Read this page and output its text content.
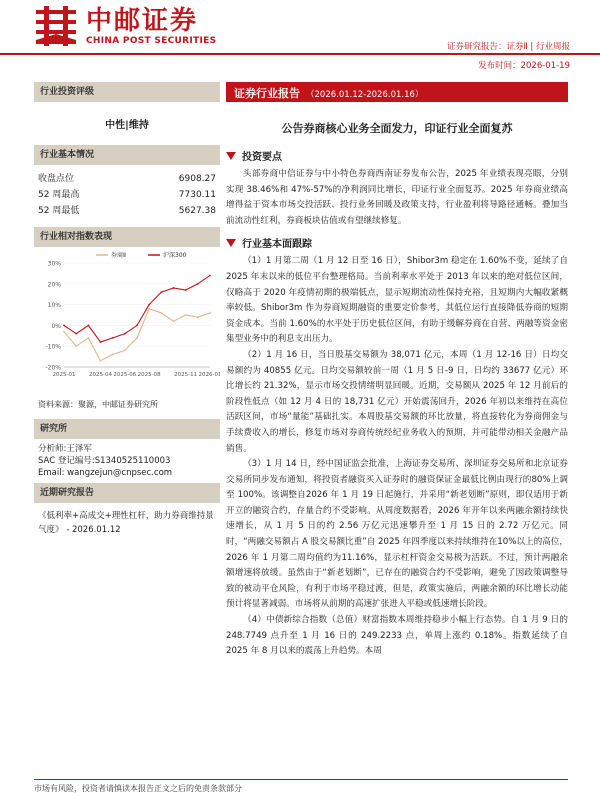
中邮证券
CHINA POST SECURITIES
证券研究报告：证券Ⅱ | 行业周报
发布时间：2026-01-19
行业投资评级
中性|维持
行业基本情况
收盘点位	6908.27
52 周最高	7730.11
52 周最低	5627.38
行业相对指数表现
-20%
-10%
0%
10%
20%
30%
2025-01 2025-04 2025-06 2025-08 2025-11 2026-01
券商Ⅱ	沪深300
资料来源：聚源，中邮证券研究所
研究所
分析师:王泽军
SAC 登记编号:S1340525110003
Email: wangzejun@cnpsec.com
近期研究报告
《低利率+高成交+理性杠杆，助力券商维持景气度》 - 2026.01.12
证券行业报告 （2026.01.12-2026.01.16）
公告券商核心业务全面发力，印证行业全面复苏
投资要点

头部券商中信证券与中小特色券商西南证券发布公告，2025 年业绩表现亮眼，分别实现 38.46%和 47%-57%的净利润同比增长，印证行业全面复苏。2025 年券商业绩高增得益于资本市场交投活跃、投行业务回暖及政策支持，行业盈利将导路径通畅。叠加当前流动性红利，券商板块估值或有望继续修复。

行业基本面跟踪

（1）1 月第二周（1 月 12 日至 16 日），Shibor3m 稳定在 1.60%不变，延续了自 2025 年末以来的低位平台整理格局。当前利率水平处于 2013 年以来的绝对低位区间，仅略高于 2020 年疫情初期的极端低点，显示短期流动性保持充裕，且短期内大幅收紧概率较低。Shibor3m 作为券商短期融资的重要定价参考，其低位运行直接降低券商的短期资金成本。当前 1.60%的水平处于历史低位区间，有助于缓解券商在自营、两融等资金密集型业务中的利息支出压力。

（2）1 月 16 日，当日股基交易额为 38,071 亿元，本周（1 月 12-16 日）日均交易额约为 40855 亿元。日均交易额较前一周（1 月 5 日-9 日，日均约 33677 亿元）环比增长约 21.32%，显示市场交投情绪明显回暖。近期，交易额从 2025 年 12 月前后的阶段性低点（如 12 月 4 日的 18,731 亿元）开始震荡回升，2026 年初以来维持在高位活跃区间，市场“量能”基础扎实。本周股基交易额的环比放量，将直接转化为券商佣金与手续费收入的增长，修复市场对券商传统经纪业务收入的预期，并可能带动相关金融产品销售。

（3）1 月 14 日，经中国证监会批准，上海证券交易所、深圳证券交易所和北京证券交易所同步发布通知，将投资者融资买入证券时的融资保证金最低比例由现行的80%上调至 100%。该调整自2026 年 1 月 19 日起施行，并采用“新老划断”原则，即仅适用于新开立的融资合约，存量合约不受影响。从周度数据看，2026 年开年以来两融余额持续快速增长，从 1 月 5 日的约 2.56 万亿元迅速攀升至 1 月 15 日的 2.72 万亿元。同时，“两融交易额占 A 股交易额比重”自 2025 年四季度以来持续维持在10%以上的高位，2026 年 1 月第二周均值约为11.16%，显示杠杆资金交易极为活跃。不过，预计两融余额增速将放缓。虽然由于“新老划断”，已存在的融资合约不受影响，避免了因政策调整导致的被动平仓风险，有利于市场平稳过渡，但是，政策实施后，两融余额的环比增长动能预计将显著减弱。市场将从前期的高速扩张进入平稳或低速增长阶段。

（4）中债新综合指数（总值）财富指数本周维持稳步小幅上行态势。自 1 月 9 日的 248.7749 点升至 1 月 16 日的 249.2233 点，单周上涨约 0.18%。指数延续了自 2025 年 8 月以来的震荡上升趋势。本周

市场有风险，投资者请慎读本报告正文之后的免责条款部分
